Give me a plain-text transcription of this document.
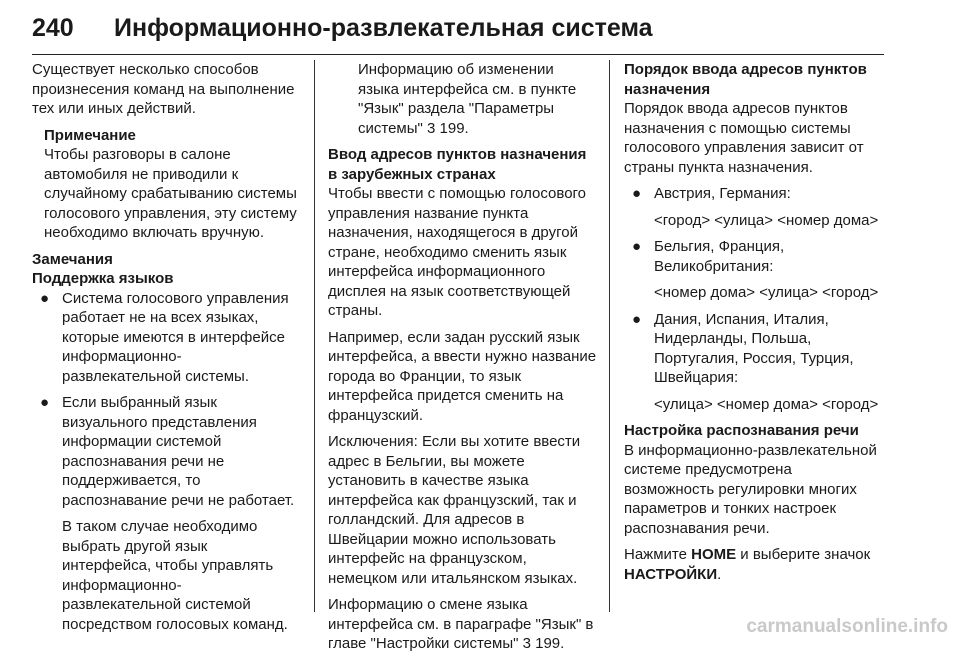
240 Информационно-развлекательная система

Существует несколько способов произнесения команд на выполнение тех или иных действий.

Примечание

Чтобы разговоры в салоне автомобиля не приводили к случайному срабатыванию системы голосового управления, эту систему необходимо включать вручную.

Замечания
Поддержка языков
● Система голосового управления работает не на всех языках, которые имеются в интерфейсе информационно-развлекательной системы.
● Если выбранный язык визуального представления информации системой распознавания речи не поддерживается, то распознавание речи не работает.
В таком случае необходимо выбрать другой язык интерфейса, чтобы управлять информационно-развлекательной системой посредством голосовых команд.

Информацию об изменении языка интерфейса см. в пункте "Язык" раздела "Параметры системы" 3 199.

Ввод адресов пунктов назначения в зарубежных странах

Чтобы ввести с помощью голосового управления название пункта назначения, находящегося в другой стране, необходимо сменить язык интерфейса информационного дисплея на язык соответствующей страны.

Например, если задан русский язык интерфейса, а ввести нужно название города во Франции, то язык интерфейса придется сменить на французский.

Исключения: Если вы хотите ввести адрес в Бельгии, вы можете установить в качестве языка интерфейса как французский, так и голландский. Для адресов в Швейцарии можно использовать интерфейс на французском, немецком или итальянском языках.

Информацию о смене языка интерфейса см. в параграфе "Язык" в главе "Настройки системы" 3 199.

Порядок ввода адресов пунктов назначения

Порядок ввода адресов пунктов назначения с помощью системы голосового управления зависит от страны пункта назначения.

● Австрия, Германия:
<город> <улица> <номер дома>
● Бельгия, Франция, Великобритания:
<номер дома> <улица> <город>
● Дания, Испания, Италия, Нидерланды, Польша, Португалия, Россия, Турция, Швейцария:
<улица> <номер дома> <город>
Настройка распознавания речи

В информационно-развлекательной системе предусмотрена возможность регулировки многих параметров и тонких настроек распознавания речи.

Нажмите HOME и выберите значок НАСТРОЙКИ.

carmanualsonline.info
